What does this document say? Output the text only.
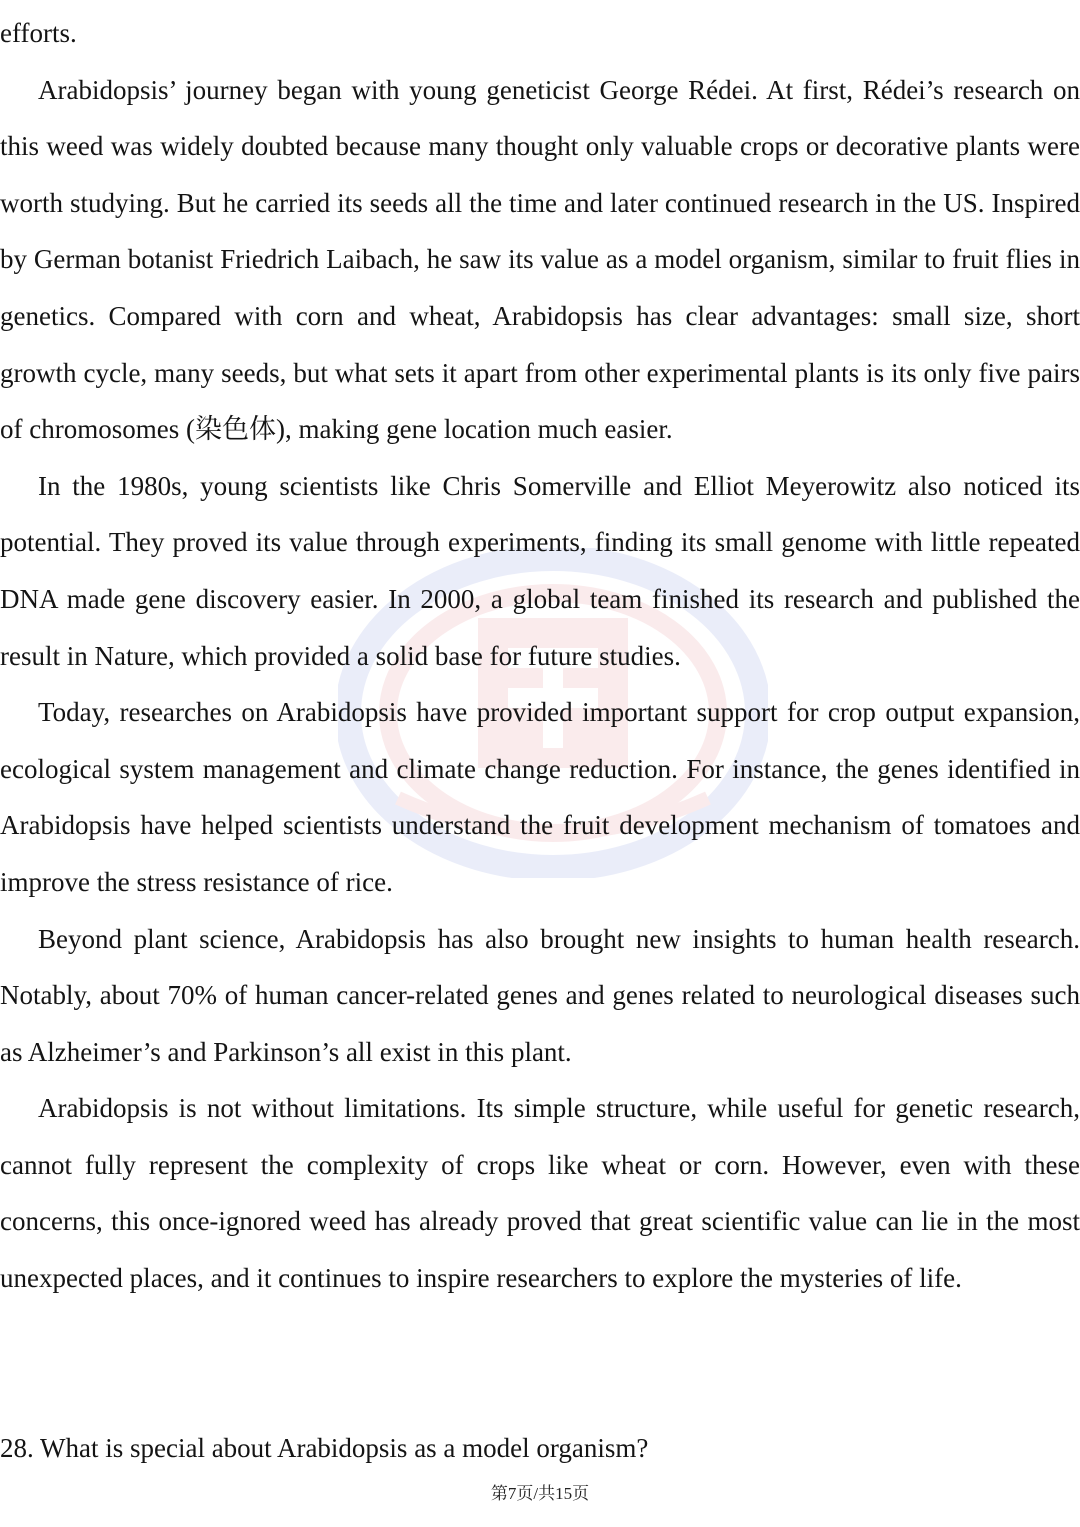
efforts.

Arabidopsis’ journey began with young geneticist George Rédei. At first, Rédei’s research on this weed was widely doubted because many thought only valuable crops or decorative plants were worth studying. But he carried its seeds all the time and later continued research in the US. Inspired by German botanist Friedrich Laibach, he saw its value as a model organism, similar to fruit flies in genetics. Compared with corn and wheat, Arabidopsis has clear advantages: small size, short growth cycle, many seeds, but what sets it apart from other experimental plants is its only five pairs of chromosomes (染色体), making gene location much easier.

In the 1980s, young scientists like Chris Somerville and Elliot Meyerowitz also noticed its potential. They proved its value through experiments, finding its small genome with little repeated DNA made gene discovery easier. In 2000, a global team finished its research and published the result in Nature, which provided a solid base for future studies.

Today, researches on Arabidopsis have provided important support for crop output expansion, ecological system management and climate change reduction. For instance, the genes identified in Arabidopsis have helped scientists understand the fruit development mechanism of tomatoes and improve the stress resistance of rice.

Beyond plant science, Arabidopsis has also brought new insights to human health research. Notably, about 70% of human cancer-related genes and genes related to neurological diseases such as Alzheimer’s and Parkinson’s all exist in this plant.

Arabidopsis is not without limitations. Its simple structure, while useful for genetic research, cannot fully represent the complexity of crops like wheat or corn. However, even with these concerns, this once-ignored weed has already proved that great scientific value can lie in the most unexpected places, and it continues to inspire researchers to explore the mysteries of life.

28. What is special about Arabidopsis as a model organism?

第7页/共15页
